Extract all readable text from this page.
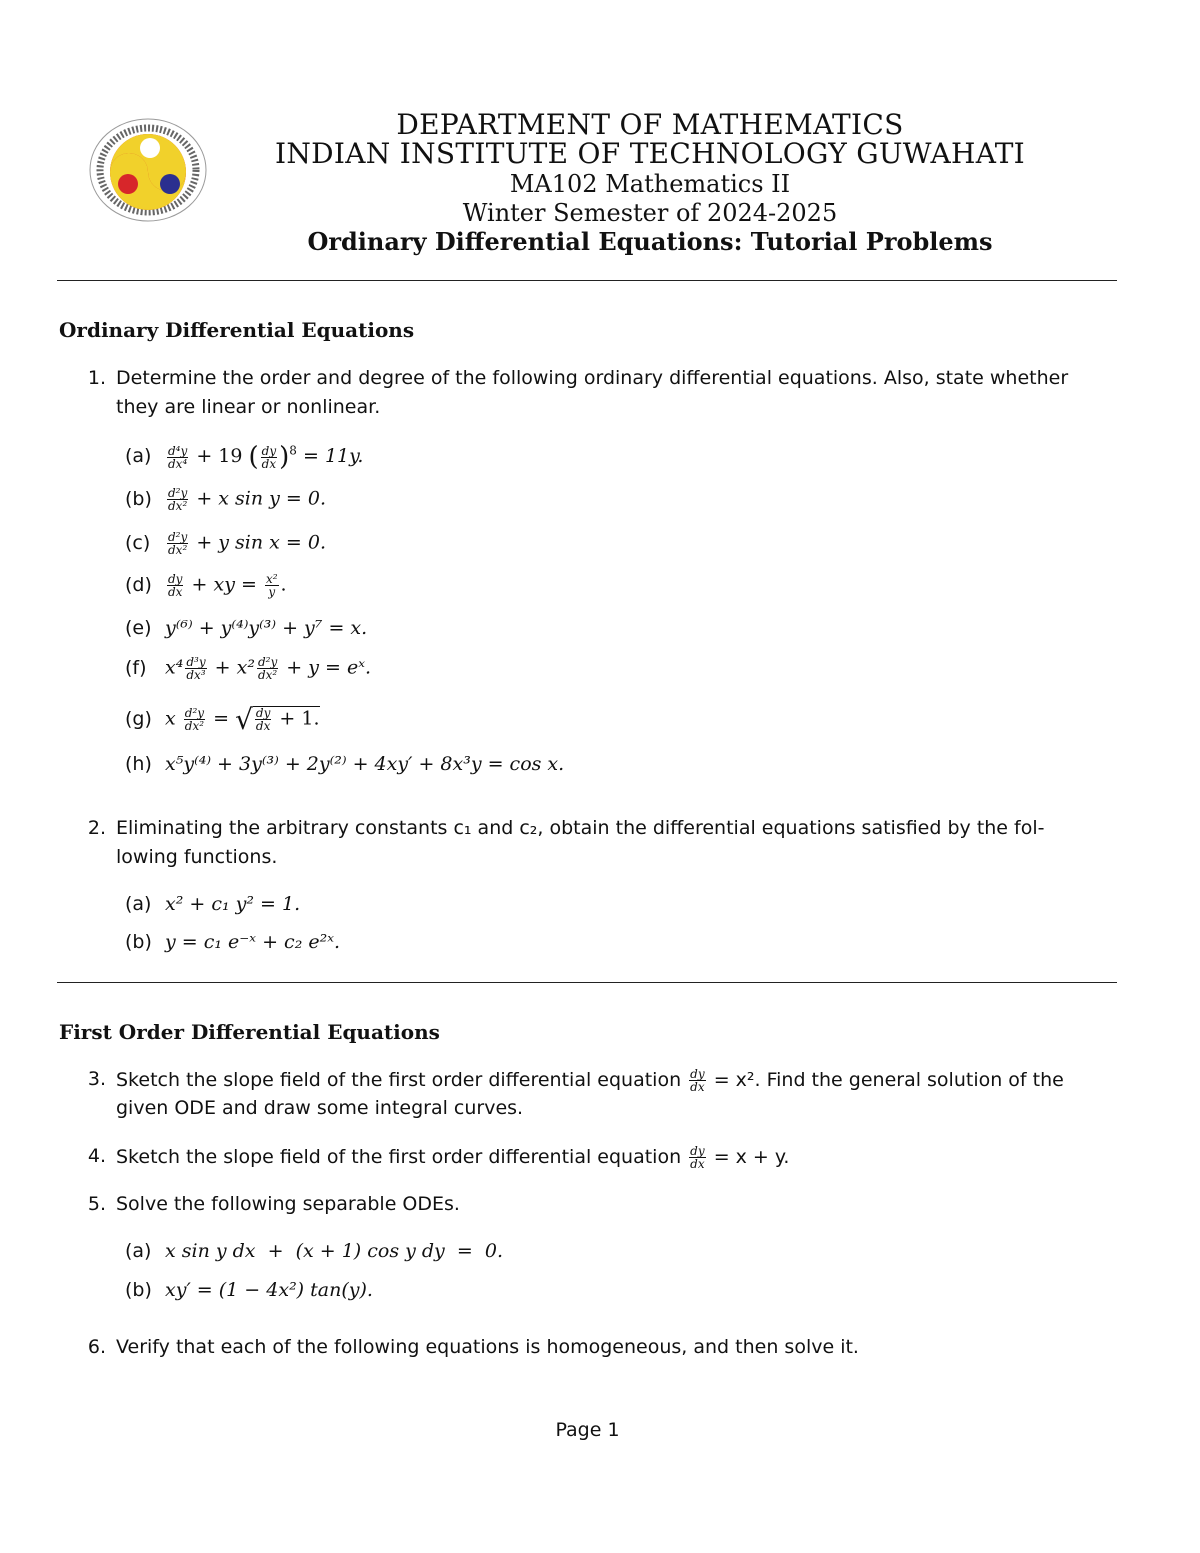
DEPARTMENT OF MATHEMATICS
INDIAN INSTITUTE OF TECHNOLOGY GUWAHATI
MA102 Mathematics II
Winter Semester of 2024-2025
Ordinary Differential Equations: Tutorial Problems
Ordinary Differential Equations
1. Determine the order and degree of the following ordinary differential equations. Also, state whether
they are linear or nonlinear.
$(a) \frac{\text{d⁴y}}{\text{dx⁴}} + 19$ ( $\frac{dy}{dx} )^8 = 11y$.
$(b) \frac{\text{d²y}}{\text{dx²}} + x$ sin y = 0.
$(c) \frac{\text{d²y}}{\text{dx²}} + y$ sin x = 0.
$(d) \frac{dy}{dx}$ + xy = $\frac{\text{x²}}{y}$ .
(e) y⁽⁶⁾ + y⁽⁴⁾y⁽³⁾ + y⁷ = x.
(f) $x^4 \frac{\text{d³y}}{\text{dx³}} + x^2 \frac{\text{d²y}}{\text{dx²}} + y$ = eˣ.
(g) x $\frac{\text{d²y}}{\text{dx²}}$ = √ $\frac{dy}{dx} + 1$.
(h) x⁵y⁽⁴⁾ + 3y⁽³⁾ + 2y⁽²⁾ + 4xy′ + 8x³y = cos x.
2. Eliminating the arbitrary constants c₁ and c₂, obtain the differential equations satisfied by the fol-
lowing functions.
(a) x² + c₁ y² = 1.
(b) y = c₁ e⁻ˣ + c₂ e²ˣ.
First Order Differential Equations
3. Sketch the slope field of the first order differential equation $\frac{dy}{dx} = x^2$. Find the general solution of the
given ODE and draw some integral curves.
4. Sketch the slope field of the first order differential equation $\frac{dy}{dx} = x + y$.
5. Solve the following separable ODEs.
(a) x sin y dx  +  (x + 1) cos y dy  =  0.
(b) xy′ = (1 − 4x²) tan(y).
6. Verify that each of the following equations is homogeneous, and then solve it.
Page 1
